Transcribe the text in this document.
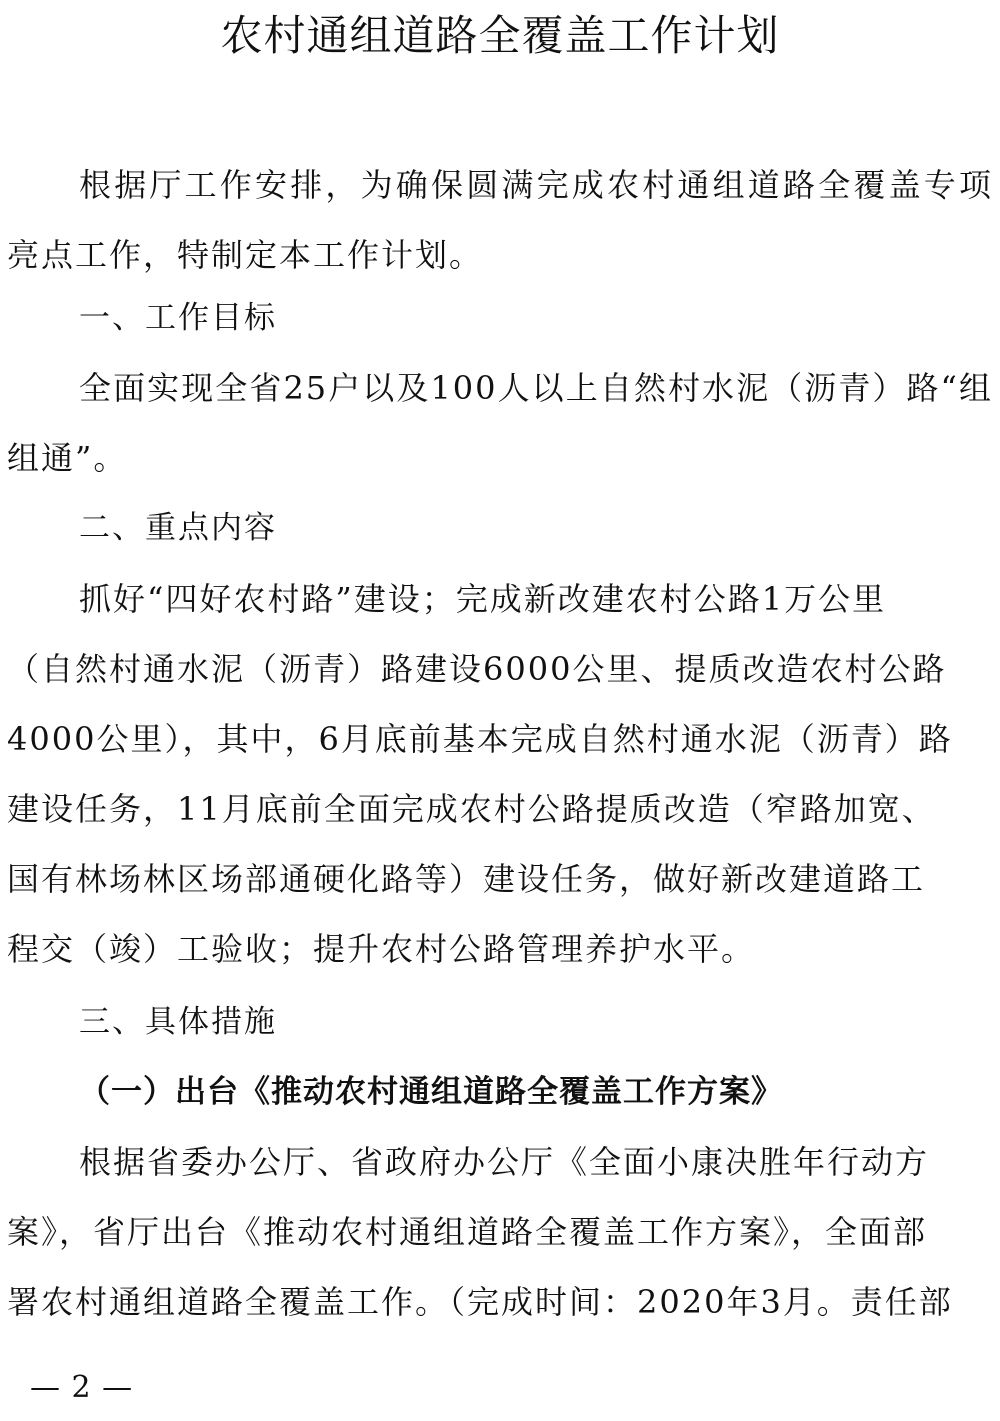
农村通组道路全覆盖工作计划
根据厅工作安排，为确保圆满完成农村通组道路全覆盖专项亮点工作，特制定本工作计划。
一、工作目标
全面实现全省25户以及100人以上自然村水泥（沥青）路“组组通”。
二、重点内容
抓好“四好农村路”建设；完成新改建农村公路1万公里
（自然村通水泥（沥青）路建设6000公里、提质改造农村公路
4000公里），其中，6月底前基本完成自然村通水泥（沥青）路
建设任务，11月底前全面完成农村公路提质改造（窄路加宽、
国有林场林区场部通硬化路等）建设任务，做好新改建道路工
程交（竣）工验收；提升农村公路管理养护水平。
三、具体措施
（一）出台《推动农村通组道路全覆盖工作方案》
根据省委办公厅、省政府办公厅《全面小康决胜年行动方
案》，省厅出台《推动农村通组道路全覆盖工作方案》，全面部
署农村通组道路全覆盖工作。（完成时间：2020年3月。责任部
— 2 —
